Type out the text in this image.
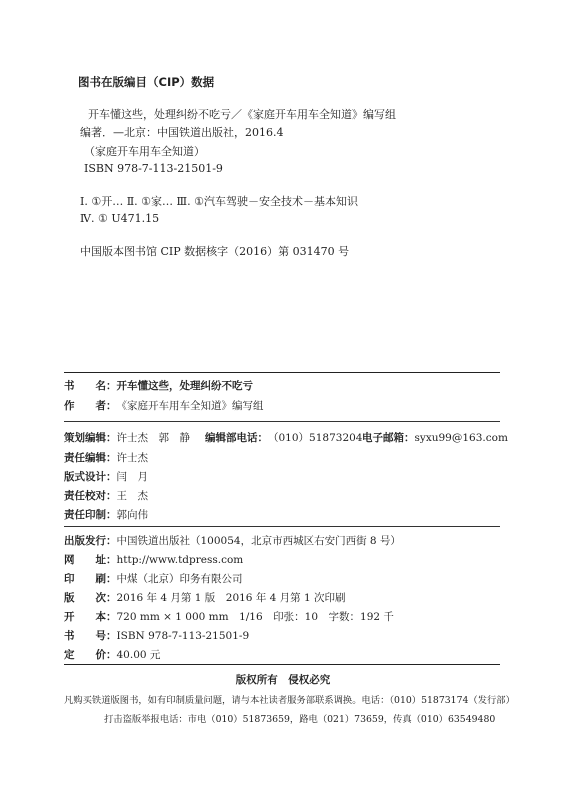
图书在版编目（CIP）数据
开车懂这些，处理纠纷不吃亏／《家庭开车用车全知道》编写组
编著．—北京：中国铁道出版社，2016.4
（家庭开车用车全知道）
ISBN 978-7-113-21501-9
Ⅰ. ①开… Ⅱ. ①家… Ⅲ. ①汽车驾驶－安全技术－基本知识
Ⅳ. ① U471.15
中国版本图书馆 CIP 数据核字（2016）第 031470 号
书　　名：开车懂这些，处理纠纷不吃亏
作　　者：《家庭开车用车全知道》编写组
策划编辑：许士杰　郭　静 编辑部电话：（010）51873204 电子邮箱：syxu99@163.com
责任编辑：许士杰
版式设计：闫　月
责任校对：王　杰
责任印制：郭向伟
出版发行：中国铁道出版社（100054，北京市西城区右安门西街 8 号）
网　　址：http://www.tdpress.com
印　　刷：中煤（北京）印务有限公司
版　　次：2016 年 4 月第 1 版　2016 年 4 月第 1 次印刷
开　　本：720 mm × 1 000 mm　1/16　印张：10　字数：192 千
书　　号：ISBN 978-7-113-21501-9
定　　价：40.00 元
版权所有　侵权必究
凡购买铁道版图书，如有印制质量问题，请与本社读者服务部联系调换。电话：（010）51873174（发行部）
打击盗版举报电话：市电（010）51873659，路电（021）73659，传真（010）63549480
